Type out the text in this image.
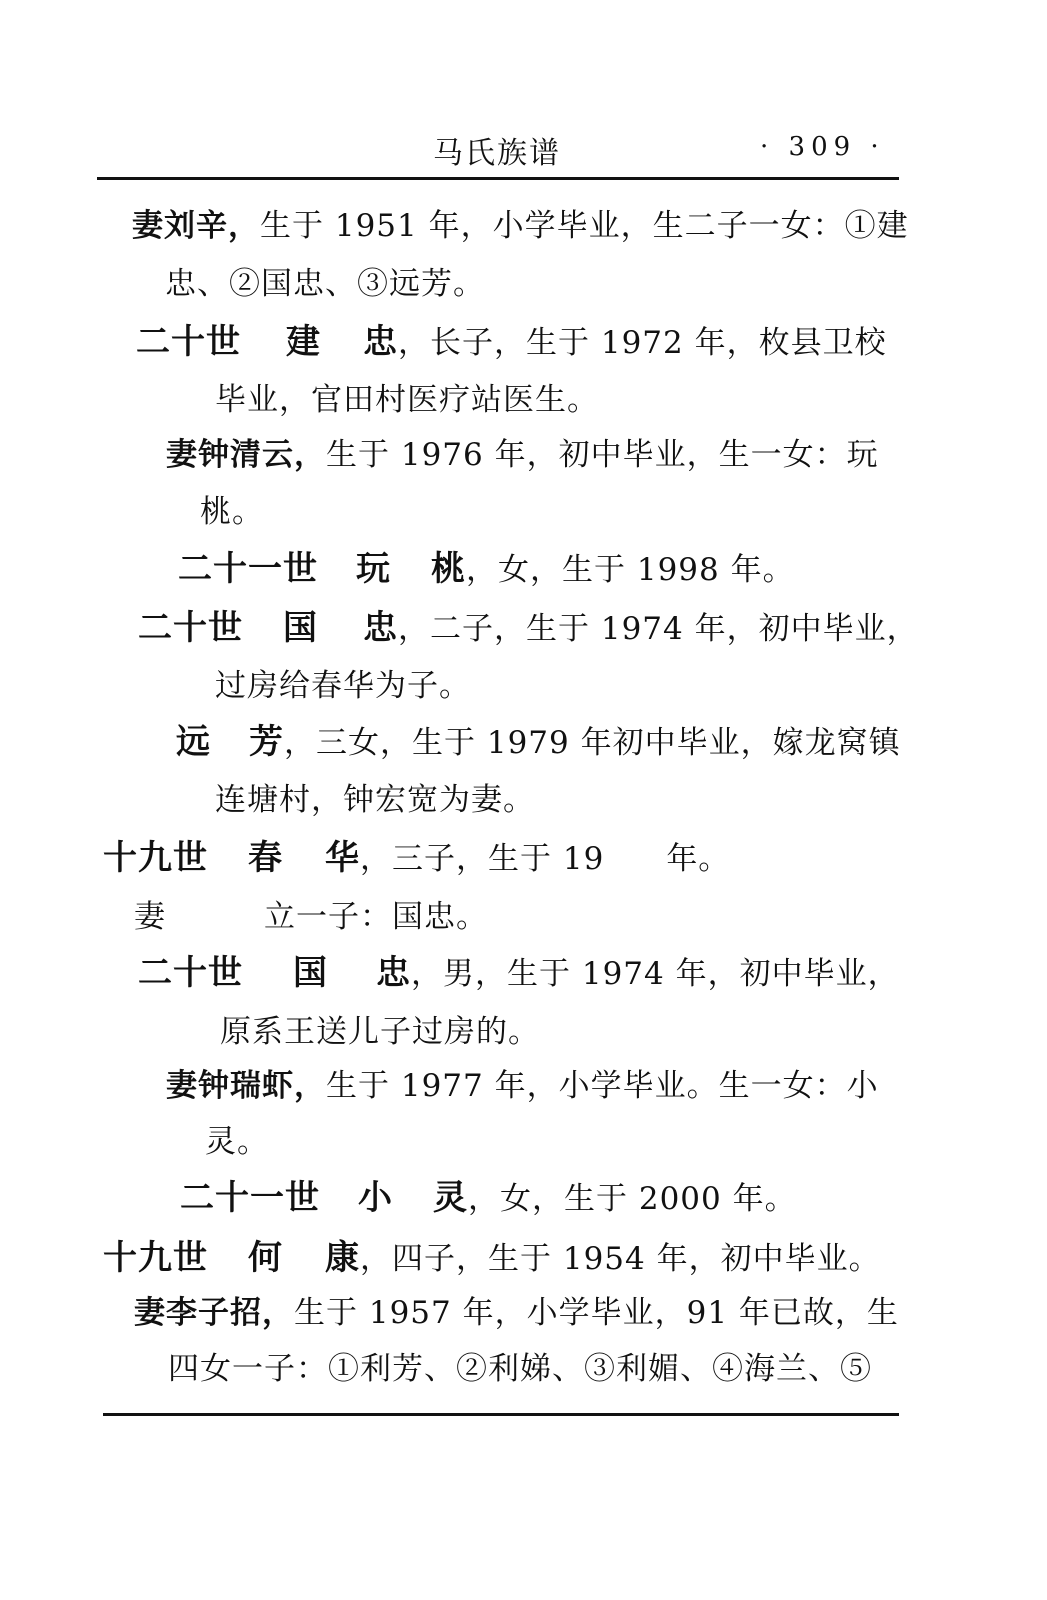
马氏族谱	· 309 ·
妻刘辛，生于 1951 年，小学毕业，生二子一女：①建
忠、②国忠、③远芳。
二十世 建 忠，长子，生于 1972 年，枚县卫校
毕业，官田村医疗站医生。
妻钟清云，生于 1976 年，初中毕业，生一女：玩
桃。
二十一世 玩 桃，女，生于 1998 年。
二十世 国 忠，二子，生于 1974 年，初中毕业，
过房给春华为子。
远 芳，三女，生于 1979 年初中毕业，嫁龙窝镇
连塘村，钟宏宽为妻。
十九世 春 华，三子，生于 19 年。
妻	立一子：国忠。
二十世 国 忠，男，生于 1974 年，初中毕业，
原系王送儿子过房的。
妻钟瑞虾，生于 1977 年，小学毕业。生一女：小
灵。
二十一世 小 灵，女，生于 2000 年。
十九世 何 康，四子，生于 1954 年，初中毕业。
妻李子招，生于 1957 年，小学毕业，91 年已故，生
四女一子：①利芳、②利娣、③利媚、④海兰、⑤
